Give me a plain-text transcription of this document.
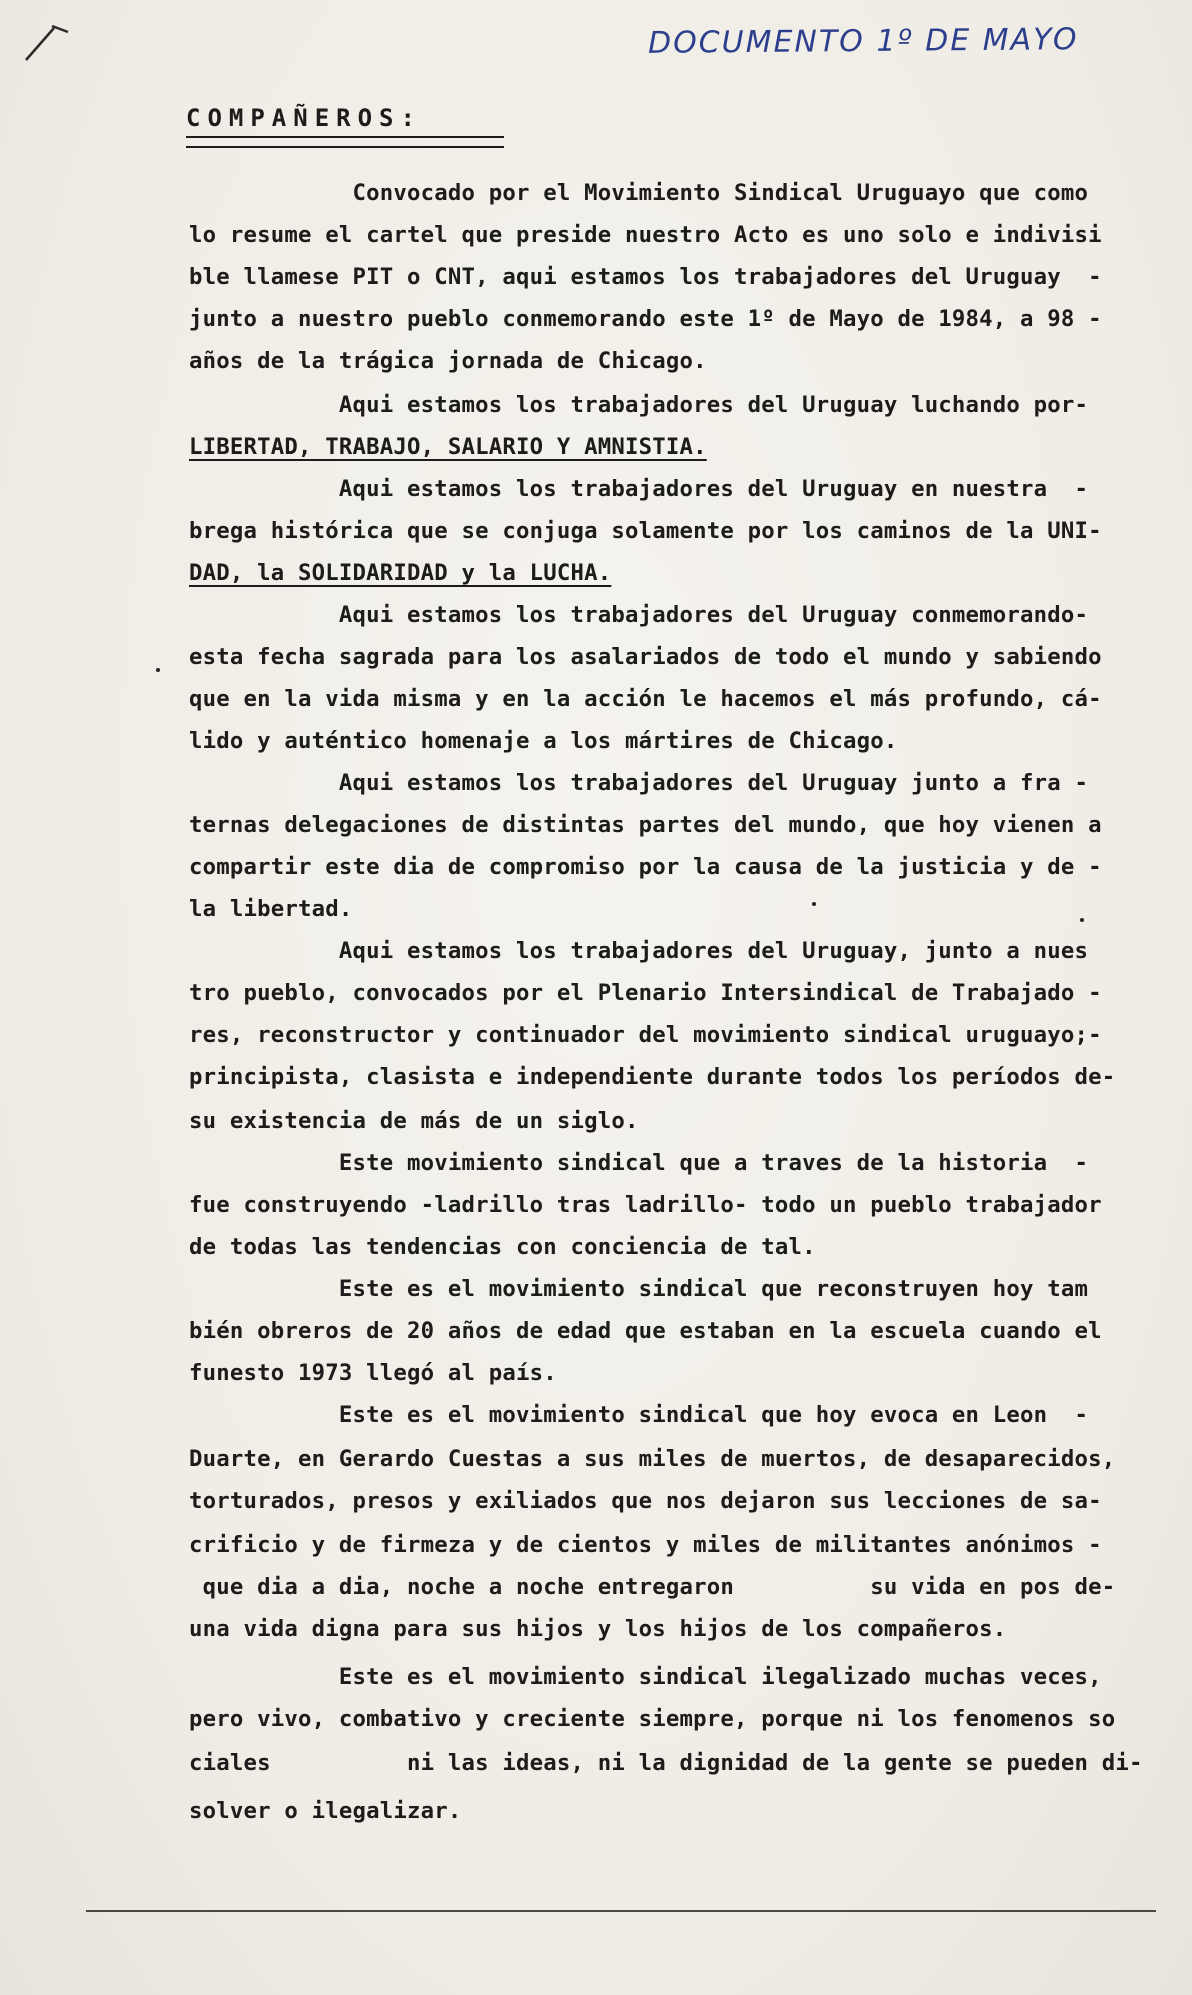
DOCUMENTO 1º DE MAYO
COMPAÑEROS:
Convocado por el Movimiento Sindical Uruguayo que como
lo resume el cartel que preside nuestro Acto es uno solo e indivisi
ble llamese PIT o CNT, aqui estamos los trabajadores del Uruguay  -
junto a nuestro pueblo conmemorando este 1º de Mayo de 1984, a 98 -
años de la trágica jornada de Chicago.
Aqui estamos los trabajadores del Uruguay luchando por-
LIBERTAD, TRABAJO, SALARIO Y AMNISTIA.
Aqui estamos los trabajadores del Uruguay en nuestra  -
brega histórica que se conjuga solamente por los caminos de la UNI-
DAD, la SOLIDARIDAD y la LUCHA.
Aqui estamos los trabajadores del Uruguay conmemorando-
esta fecha sagrada para los asalariados de todo el mundo y sabiendo
que en la vida misma y en la acción le hacemos el más profundo, cá-
lido y auténtico homenaje a los mártires de Chicago.
Aqui estamos los trabajadores del Uruguay junto a fra -
ternas delegaciones de distintas partes del mundo, que hoy vienen a
compartir este dia de compromiso por la causa de la justicia y de -
la libertad.
Aqui estamos los trabajadores del Uruguay, junto a nues
tro pueblo, convocados por el Plenario Intersindical de Trabajado -
res, reconstructor y continuador del movimiento sindical uruguayo;-
principista, clasista e independiente durante todos los períodos de-
su existencia de más de un siglo.
Este movimiento sindical que a traves de la historia  -
fue construyendo -ladrillo tras ladrillo- todo un pueblo trabajador
de todas las tendencias con conciencia de tal.
Este es el movimiento sindical que reconstruyen hoy tam
bién obreros de 20 años de edad que estaban en la escuela cuando el
funesto 1973 llegó al país.
Este es el movimiento sindical que hoy evoca en Leon  -
Duarte, en Gerardo Cuestas a sus miles de muertos, de desaparecidos,
torturados, presos y exiliados que nos dejaron sus lecciones de sa-
crificio y de firmeza y de cientos y miles de militantes anónimos -
que dia a dia, noche a noche entregaron          su vida en pos de-
una vida digna para sus hijos y los hijos de los compañeros.
Este es el movimiento sindical ilegalizado muchas veces,
pero vivo, combativo y creciente siempre, porque ni los fenomenos so
ciales          ni las ideas, ni la dignidad de la gente se pueden di-
solver o ilegalizar.
